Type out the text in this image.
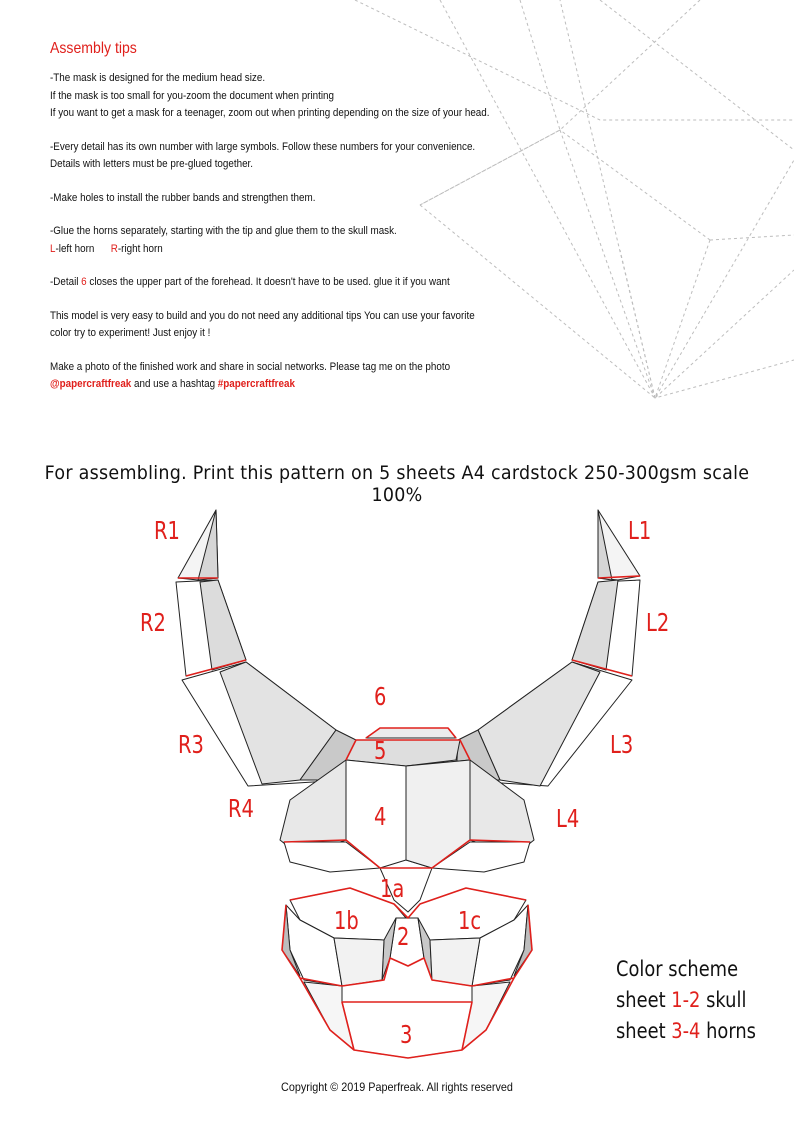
Assembly tips

-The mask is designed for the medium head size.
If the mask is too small for you-zoom the document when printing
If you want to get a mask for a teenager, zoom out when printing depending on the size of your head.

-Every detail has its own number with large symbols. Follow these numbers for your convenience.
Details with letters must be pre-glued together.

-Make holes to install the rubber bands and strengthen them.

-Glue the horns separately, starting with the tip and glue them to the skull mask.
L-left horn R-right horn

-Detail 6 closes the upper part of the forehead. It doesn't have to be used. glue it if you want

This model is very easy to build and you do not need any additional tips You can use your favorite
color try to experiment! Just enjoy it !

Make a photo of the finished work and share in social networks. Please tag me on the photo
@papercraftfreak and use a hashtag #papercraftfreak

For assembling. Print this pattern on 5 sheets A4 cardstock 250-300gsm scale 100%
R1
R2
R3
R4
L1
L2
L3
L4
6
5
4
1a
1b	1c
2
3
Color scheme
sheet 1-2 skull
sheet 3-4 horns
Copyright © 2019 Paperfreak. All rights reserved
